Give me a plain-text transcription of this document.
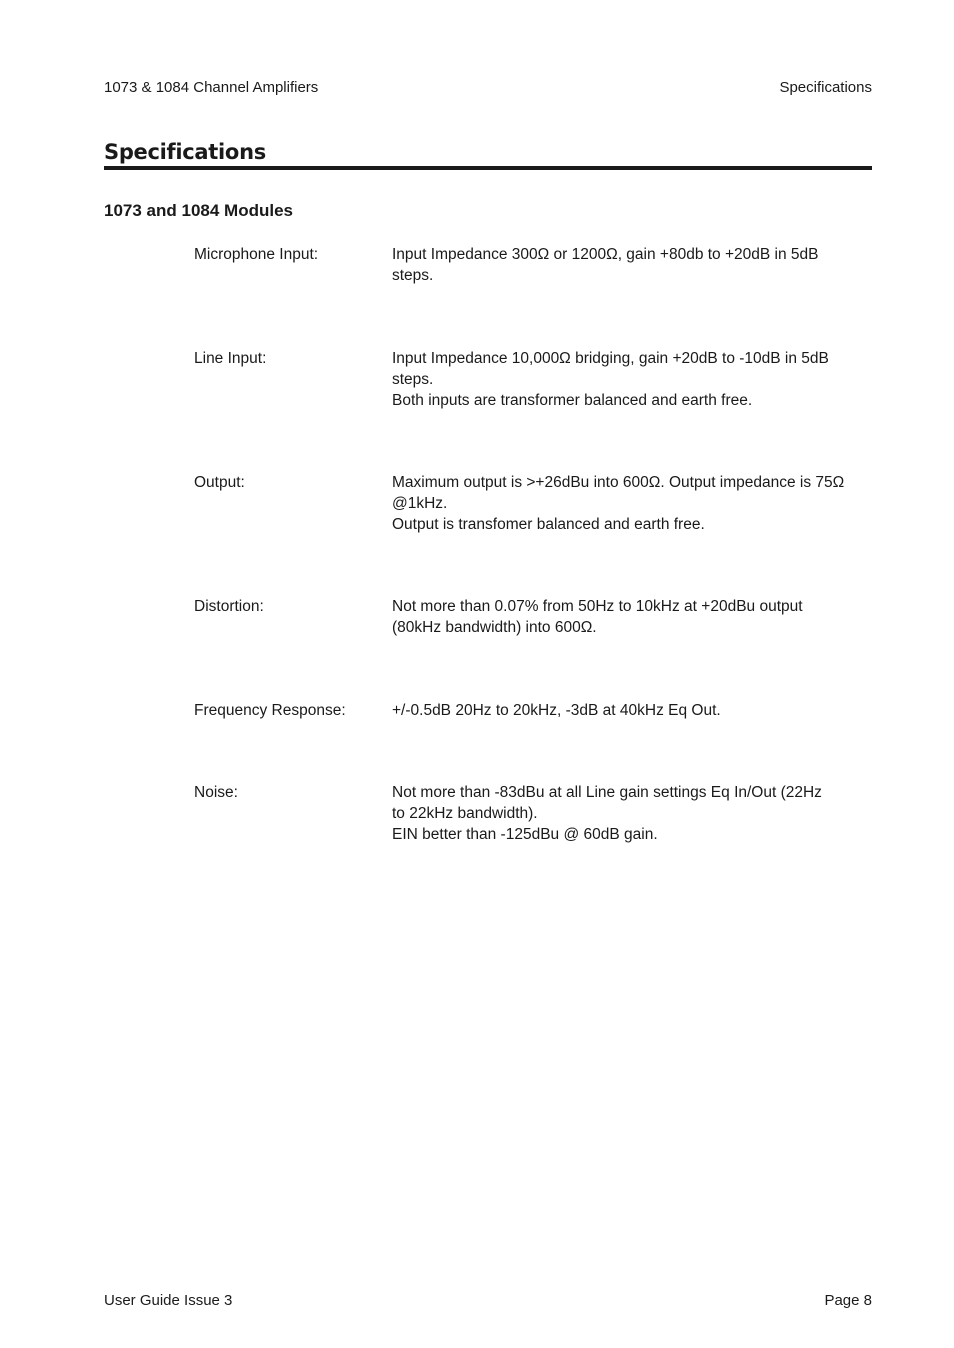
1073 & 1084 Channel Amplifiers	Specifications
Specifications
1073 and 1084 Modules
Microphone Input:	Input Impedance 300Ω or 1200Ω, gain +80db to +20dB in 5dB steps.
Line Input:	Input Impedance 10,000Ω bridging, gain +20dB to -10dB in 5dB steps.
Both inputs are transformer balanced and earth free.
Output:	Maximum output is >+26dBu into 600Ω. Output impedance is 75Ω @1kHz.
Output is transfomer balanced and earth free.
Distortion:	Not more than 0.07% from 50Hz to 10kHz at +20dBu output (80kHz bandwidth) into 600Ω.
Frequency Response:	+/-0.5dB 20Hz to 20kHz, -3dB at 40kHz Eq Out.
Noise:	Not more than -83dBu at all Line gain settings Eq In/Out (22Hz to 22kHz bandwidth).
EIN better than -125dBu @ 60dB gain.
User Guide Issue 3	Page 8
